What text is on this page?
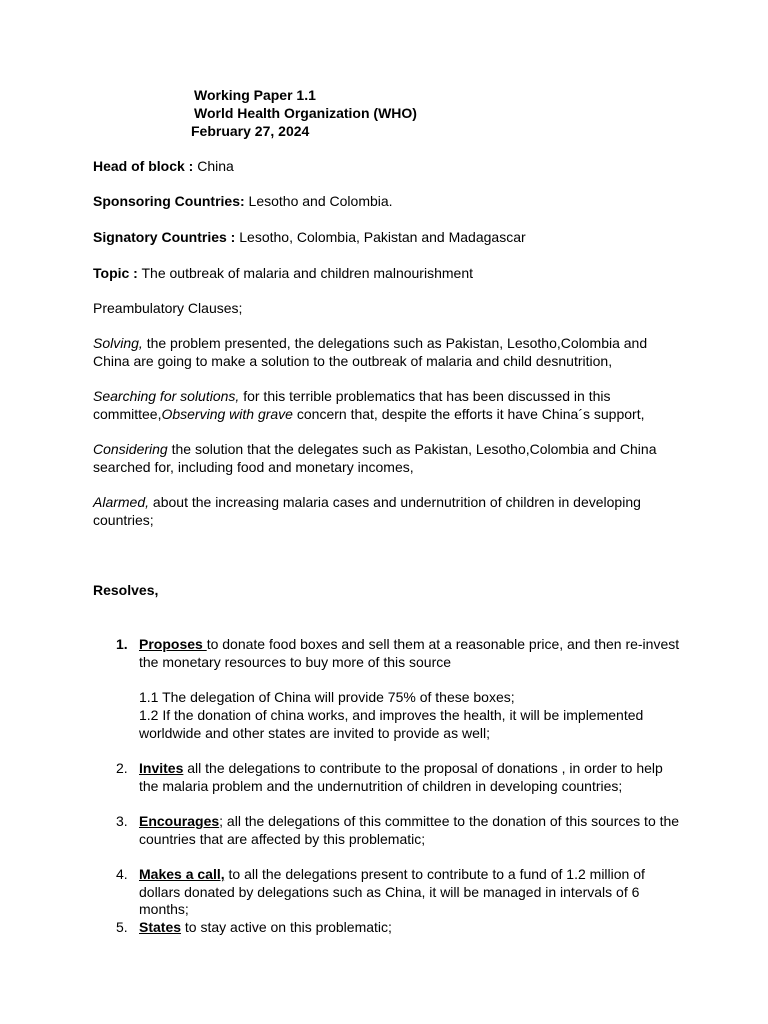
Working Paper 1.1
World Health Organization (WHO)
February 27, 2024
Head of block : China
Sponsoring Countries: Lesotho and Colombia.
Signatory Countries : Lesotho, Colombia, Pakistan and Madagascar
Topic : The outbreak of malaria and children malnourishment
Preambulatory Clauses;
Solving, the problem presented, the delegations such as Pakistan, Lesotho,Colombia and China are going to make a solution to the outbreak of malaria and child desnutrition,
Searching for solutions, for this terrible problematics that has been discussed in this committee,Observing with grave concern that, despite the efforts it have China´s support,
Considering the solution that the delegates such as Pakistan, Lesotho,Colombia and China searched for, including food and monetary incomes,
Alarmed, about the increasing malaria cases and undernutrition of children in developing countries;
Resolves,
1. Proposes to donate food boxes and sell them at a reasonable price, and then re-invest the monetary resources to buy more of this source
1.1 The delegation of China will provide 75% of these boxes;
1.2 If the donation of china works, and improves the health, it will be implemented worldwide and other states are invited to provide as well;
2. Invites all the delegations to contribute to the proposal of donations , in order to help the malaria problem and the undernutrition of children in developing countries;
3. Encourages; all the delegations of this committee to the donation of this sources to the countries that are affected by this problematic;
4. Makes a call, to all the delegations present to contribute to a fund of 1.2 million of dollars donated by delegations such as China, it will be managed in intervals of 6 months;
5. States to stay active on this problematic;
